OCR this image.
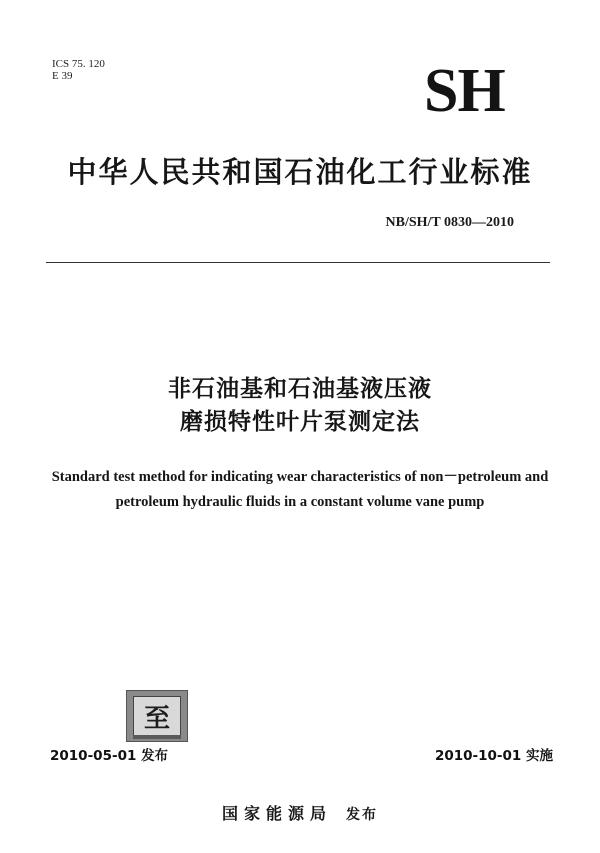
ICS 75. 120
E 39	SH
中华人民共和国石油化工行业标准
NB/SH/T 0830—2010
非石油基和石油基液压液
磨损特性叶片泵测定法
Standard test method for indicating wear characteristics of non－petroleum and
petroleum hydraulic fluids in a constant volume vane pump
至
2010-05-01 发布	2010-10-01 实施
国家能源局 发布
